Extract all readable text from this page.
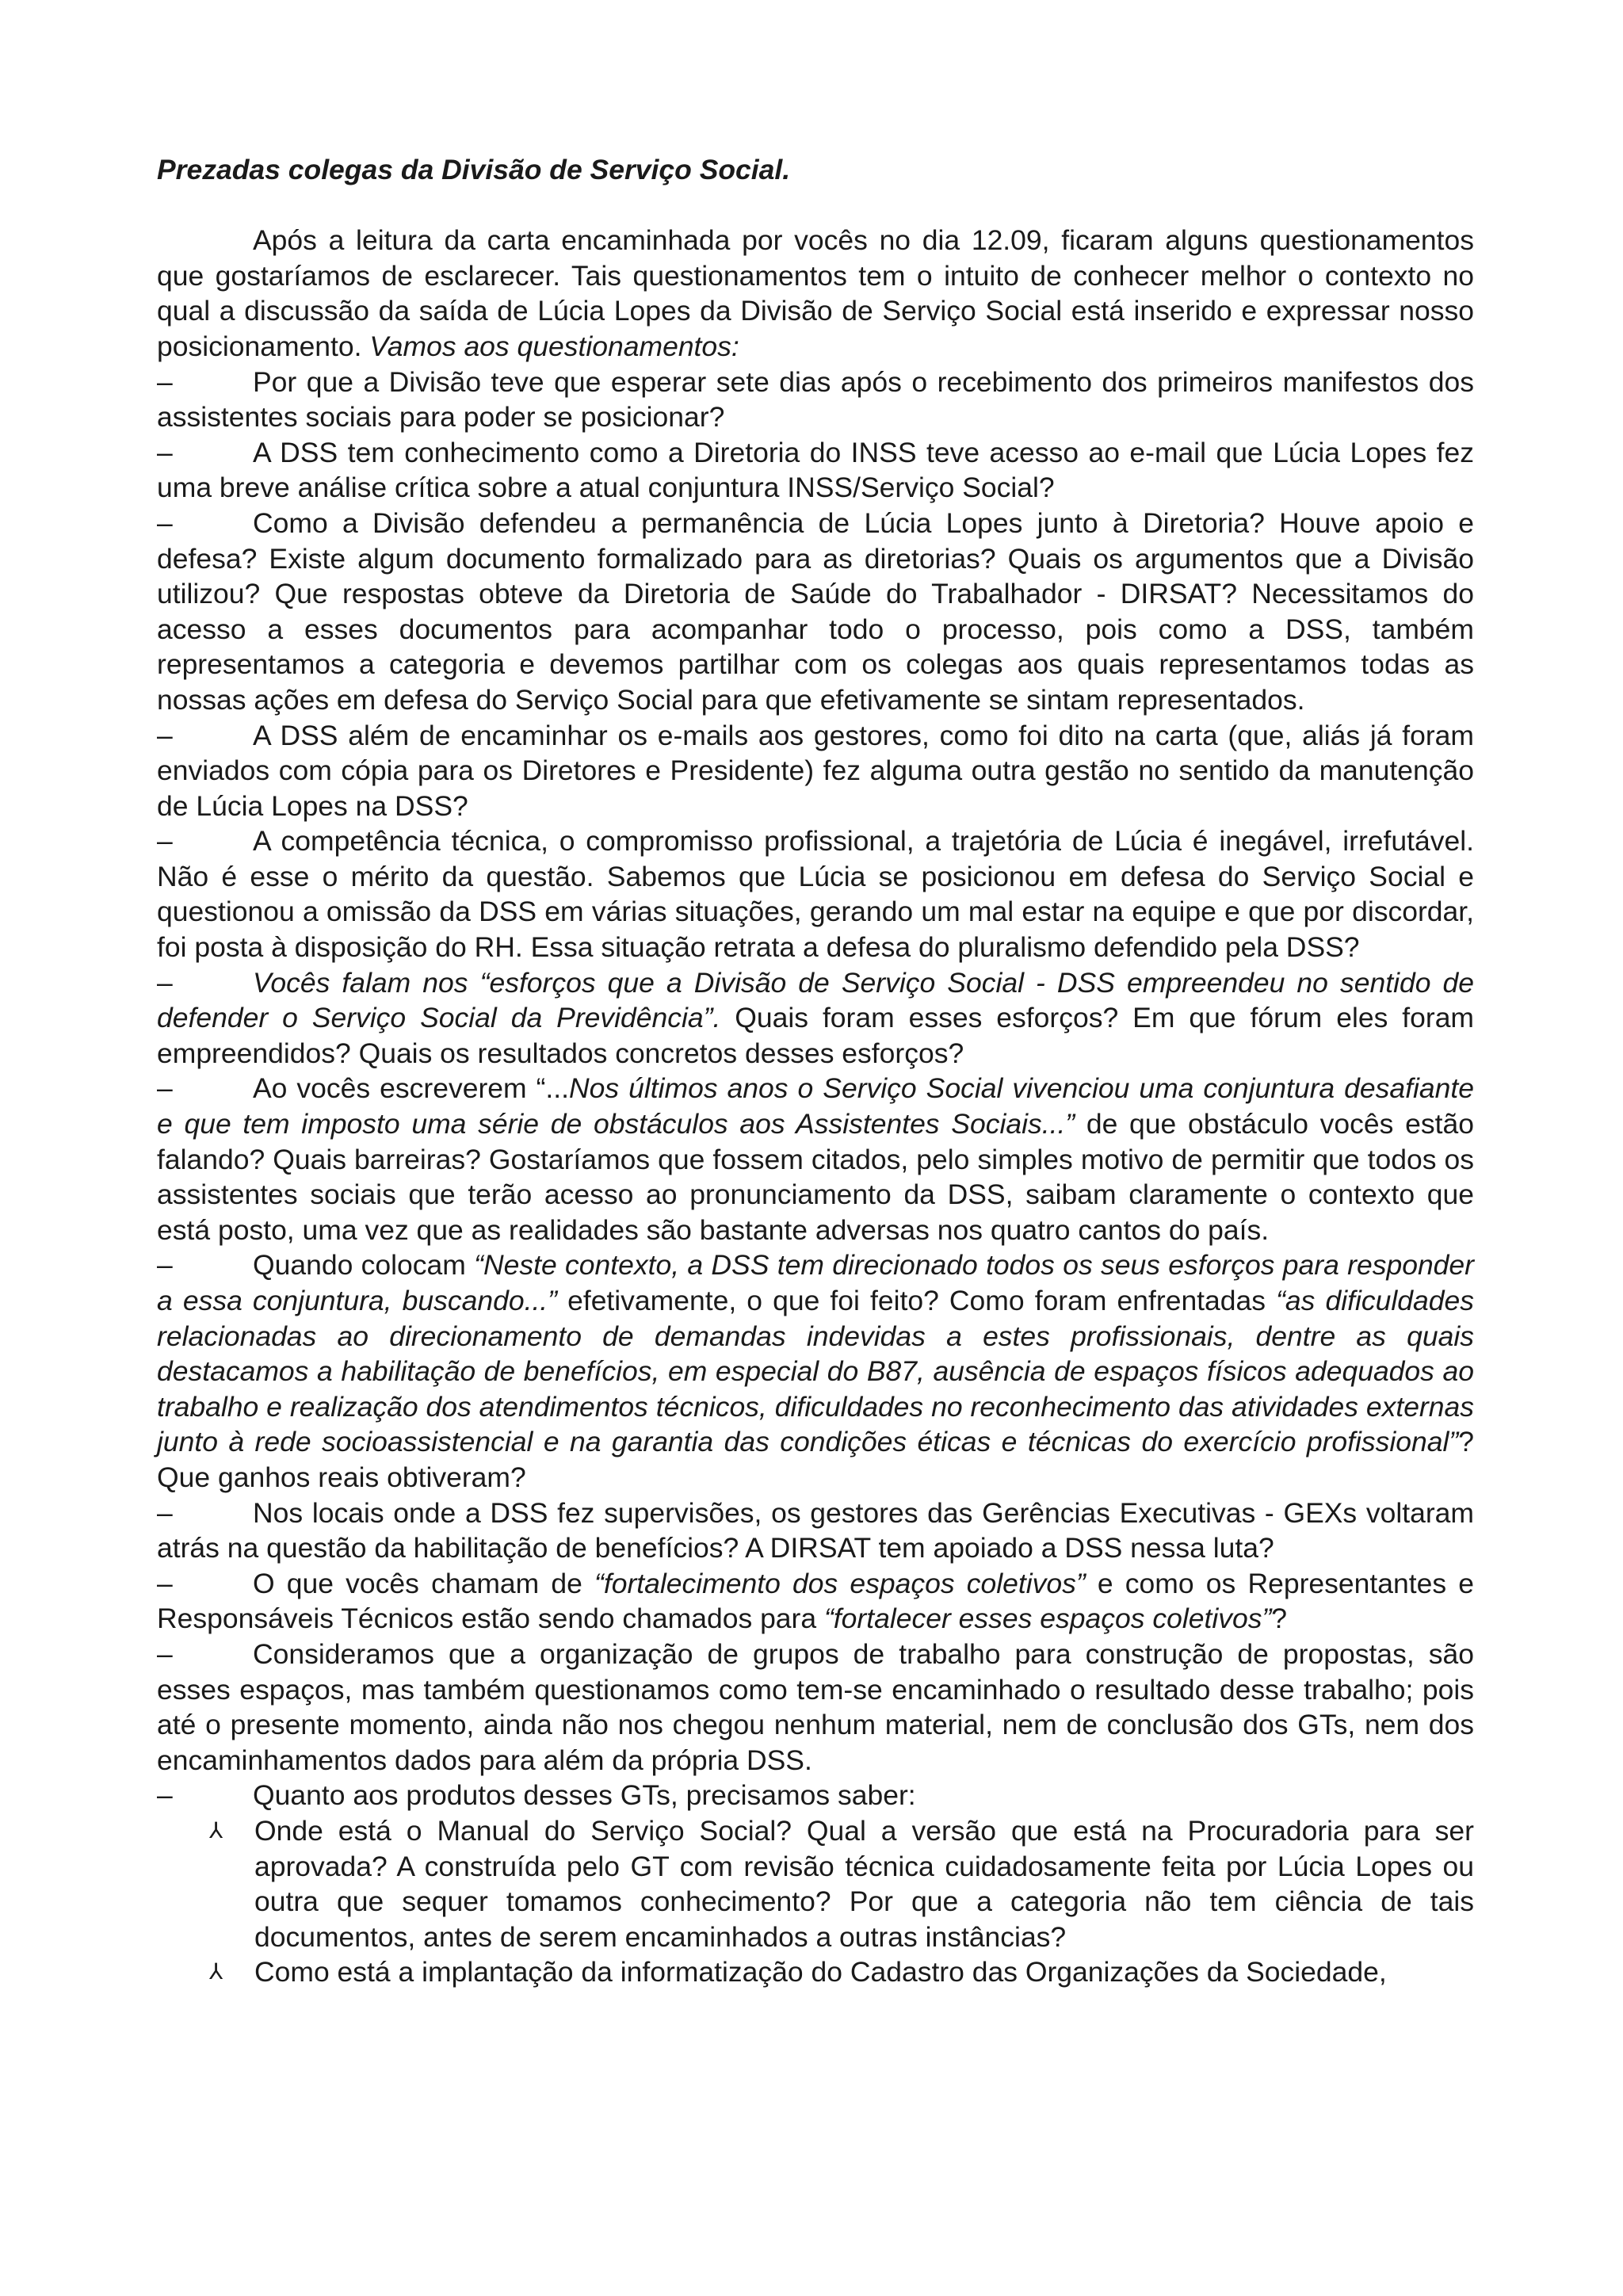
Prezadas colegas da Divisão de Serviço Social.

Após a leitura da carta encaminhada por vocês no dia 12.09, ficaram alguns questionamentos que gostaríamos de esclarecer. Tais questionamentos tem o intuito de conhecer melhor o contexto no qual a discussão da saída de Lúcia Lopes da Divisão de Serviço Social está inserido e expressar nosso posicionamento. Vamos aos questionamentos:

–	Por que a Divisão teve que esperar sete dias após o recebimento dos primeiros manifestos dos assistentes sociais para poder se posicionar?

–	A DSS tem conhecimento como a Diretoria do INSS teve acesso ao e-mail que Lúcia Lopes fez uma breve análise crítica sobre a atual conjuntura INSS/Serviço Social?

–	Como a Divisão defendeu a permanência de Lúcia Lopes junto à Diretoria? Houve apoio e defesa? Existe algum documento formalizado para as diretorias? Quais os argumentos que a Divisão utilizou? Que respostas obteve da Diretoria de Saúde do Trabalhador - DIRSAT? Necessitamos do acesso a esses documentos para acompanhar todo o processo, pois como a DSS, também representamos a categoria e devemos partilhar com os colegas aos quais representamos todas as nossas ações em defesa do Serviço Social para que efetivamente se sintam representados.

–	A DSS além de encaminhar os e-mails aos gestores, como foi dito na carta (que, aliás já foram enviados com cópia para os Diretores e Presidente) fez alguma outra gestão no sentido da manutenção de Lúcia Lopes na DSS?

–	A competência técnica, o compromisso profissional, a trajetória de Lúcia é inegável, irrefutável. Não é esse o mérito da questão. Sabemos que Lúcia se posicionou em defesa do Serviço Social e questionou a omissão da DSS em várias situações, gerando um mal estar na equipe e que por discordar, foi posta à disposição do RH. Essa situação retrata a defesa do pluralismo defendido pela DSS?

–	Vocês falam nos “esforços que a Divisão de Serviço Social - DSS empreendeu no sentido de defender o Serviço Social da Previdência”. Quais foram esses esforços? Em que fórum eles foram empreendidos? Quais os resultados concretos desses esforços?

–	Ao vocês escreverem “...Nos últimos anos o Serviço Social vivenciou uma conjuntura desafiante e que tem imposto uma série de obstáculos aos Assistentes Sociais...” de que obstáculo vocês estão falando? Quais barreiras? Gostaríamos que fossem citados, pelo simples motivo de permitir que todos os assistentes sociais que terão acesso ao pronunciamento da DSS, saibam claramente o contexto que está posto, uma vez que as realidades são bastante adversas nos quatro cantos do país.

–	Quando colocam “Neste contexto, a DSS tem direcionado todos os seus esforços para responder a essa conjuntura, buscando...” efetivamente, o que foi feito? Como foram enfrentadas “as dificuldades relacionadas ao direcionamento de demandas indevidas a estes profissionais, dentre as quais destacamos a habilitação de benefícios, em especial do B87, ausência de espaços físicos adequados ao trabalho e realização dos atendimentos técnicos, dificuldades no reconhecimento das atividades externas junto à rede socioassistencial e na garantia das condições éticas e técnicas do exercício profissional”? Que ganhos reais obtiveram?

–	Nos locais onde a DSS fez supervisões, os gestores das Gerências Executivas - GEXs voltaram atrás na questão da habilitação de benefícios? A DIRSAT tem apoiado a DSS nessa luta?

–	O que vocês chamam de “fortalecimento dos espaços coletivos” e como os Representantes e Responsáveis Técnicos estão sendo chamados para “fortalecer esses espaços coletivos”?

–	Consideramos que a organização de grupos de trabalho para construção de propostas, são esses espaços, mas também questionamos como tem-se encaminhado o resultado desse trabalho; pois até o presente momento, ainda não nos chegou nenhum material, nem de conclusão dos GTs, nem dos encaminhamentos dados para além da própria DSS.

–	Quanto aos produtos desses GTs, precisamos saber:

⅄ Onde está o Manual do Serviço Social? Qual a versão que está na Procuradoria para ser aprovada? A construída pelo GT com revisão técnica cuidadosamente feita por Lúcia Lopes ou outra que sequer tomamos conhecimento? Por que a categoria não tem ciência de tais documentos, antes de serem encaminhados a outras instâncias?

⅄ Como está a implantação da informatização do Cadastro das Organizações da Sociedade,
